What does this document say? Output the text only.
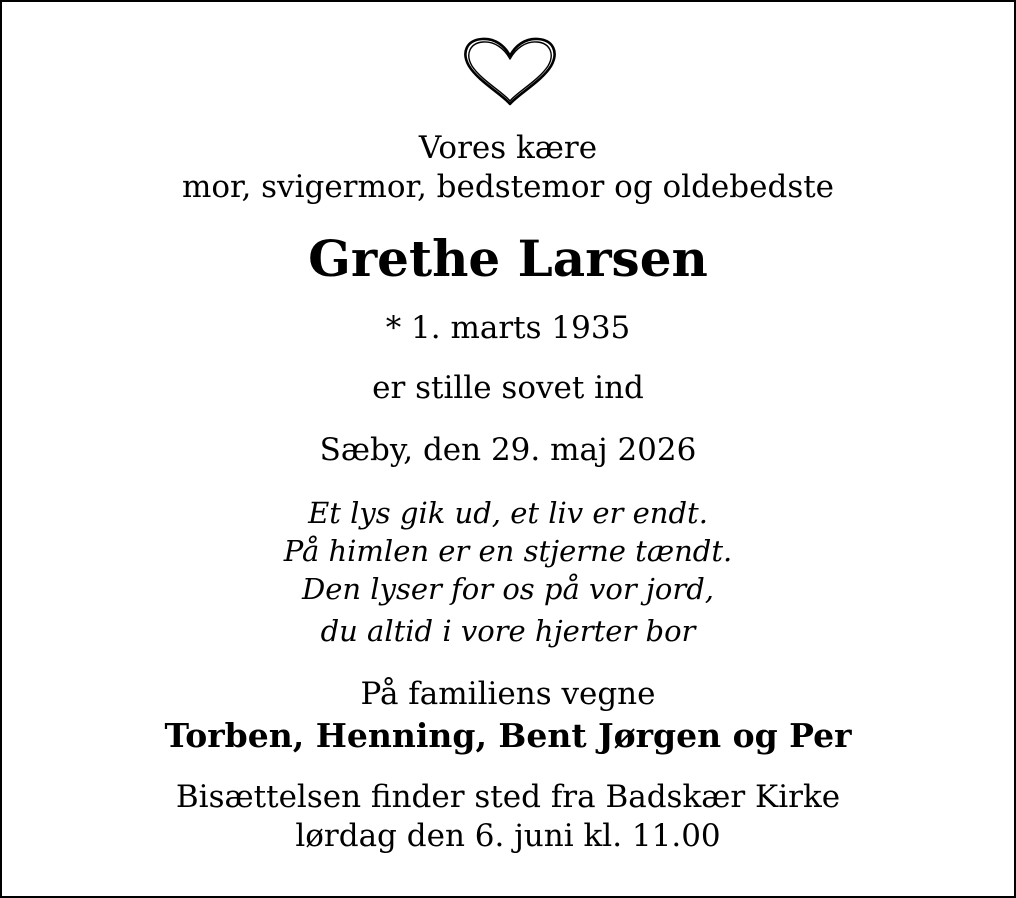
Vores kære
mor, svigermor, bedstemor og oldebedste
Grethe Larsen
* 1. marts 1935
er stille sovet ind
Sæby, den 29. maj 2026
Et lys gik ud, et liv er endt.
På himlen er en stjerne tændt.
Den lyser for os på vor jord,
du altid i vore hjerter bor
På familiens vegne
Torben, Henning, Bent Jørgen og Per
Bisættelsen finder sted fra Badskær Kirke
lørdag den 6. juni kl. 11.00
